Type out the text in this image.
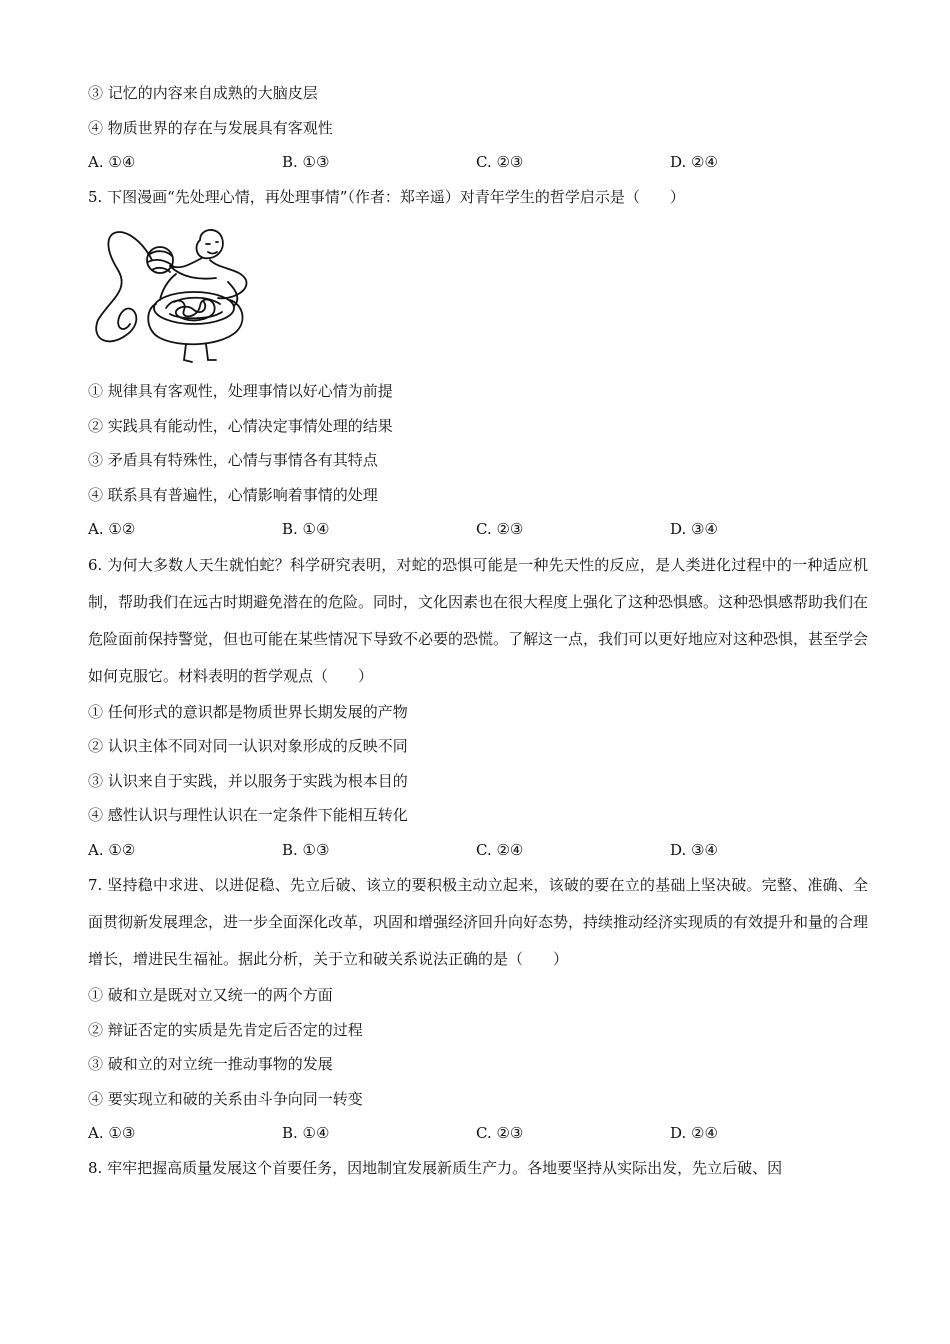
③ 记忆的内容来自成熟的大脑皮层
④ 物质世界的存在与发展具有客观性
A. ①④	B. ①③	C. ②③	D. ②④
5. 下图漫画“先处理心情，再处理事情”（作者：郑辛遥）对青年学生的哲学启示是（　　）
① 规律具有客观性，处理事情以好心情为前提
② 实践具有能动性，心情决定事情处理的结果
③ 矛盾具有特殊性，心情与事情各有其特点
④ 联系具有普遍性，心情影响着事情的处理
A. ①②	B. ①④	C. ②③	D. ③④
6. 为何大多数人天生就怕蛇？科学研究表明，对蛇的恐惧可能是一种先天性的反应，是人类进化过程中的一种适应机制，帮助我们在远古时期避免潜在的危险。同时，文化因素也在很大程度上强化了这种恐惧感。这种恐惧感帮助我们在危险面前保持警觉，但也可能在某些情况下导致不必要的恐慌。了解这一点，我们可以更好地应对这种恐惧，甚至学会如何克服它。材料表明的哲学观点（　　）
① 任何形式的意识都是物质世界长期发展的产物
② 认识主体不同对同一认识对象形成的反映不同
③ 认识来自于实践，并以服务于实践为根本目的
④ 感性认识与理性认识在一定条件下能相互转化
A. ①②	B. ①③	C. ②④	D. ③④
7. 坚持稳中求进、以进促稳、先立后破、该立的要积极主动立起来，该破的要在立的基础上坚决破。完整、准确、全面贯彻新发展理念，进一步全面深化改革，巩固和增强经济回升向好态势，持续推动经济实现质的有效提升和量的合理增长，增进民生福祉。据此分析，关于立和破关系说法正确的是（　　）
① 破和立是既对立又统一的两个方面
② 辩证否定的实质是先肯定后否定的过程
③ 破和立的对立统一推动事物的发展
④ 要实现立和破的关系由斗争向同一转变
A. ①③	B. ①④	C. ②③	D. ②④
8. 牢牢把握高质量发展这个首要任务，因地制宜发展新质生产力。各地要坚持从实际出发，先立后破、因
